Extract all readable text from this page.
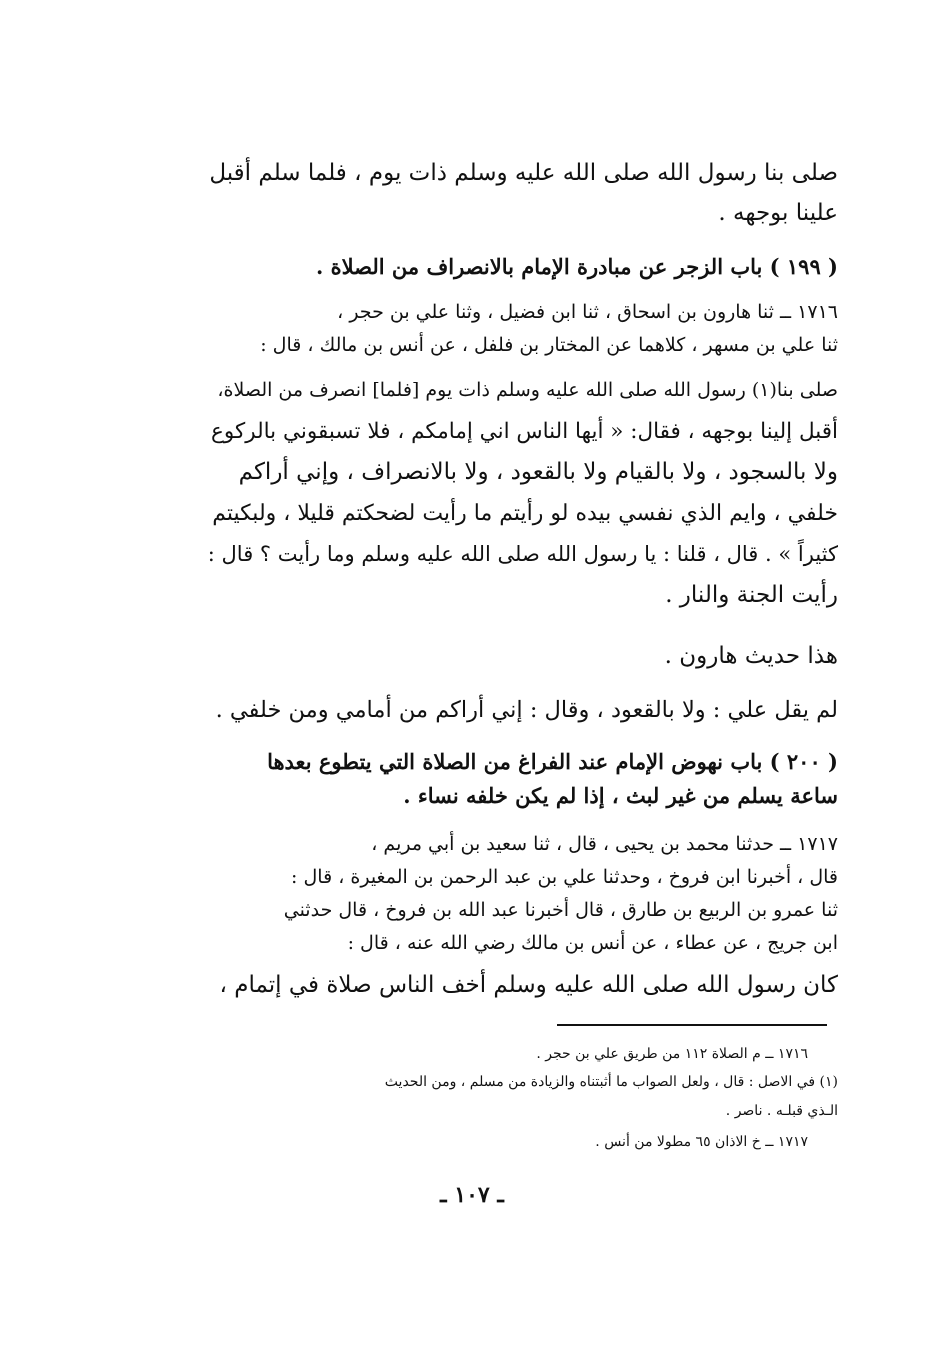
صلى بنا رسول الله صلى الله عليه وسلم ذات يوم ، فلما سلم أقبل
علينا بوجهه .
( ١٩٩ ) باب الزجر عن مبادرة الإمام بالانصراف من الصلاة .
١٧١٦ ــ ثنا هارون بن اسحاق ، ثنا ابن فضيل ، وثنا علي بن حجر ،
ثنا علي بن مسهر ، كلاهما عن المختار بن فلفل ، عن أنس بن مالك ، قال :
صلى بنا(١) رسول الله صلى الله عليه وسلم ذات يوم [فلما] انصرف من الصلاة،
أقبل إلينا بوجهه ، فقال: « أيها الناس اني إمامكم ، فلا تسبقوني بالركوع
ولا بالسجود ، ولا بالقيام ولا بالقعود ، ولا بالانصراف ، وإني أراكم
خلفي ، وايم الذي نفسي بيده لو رأيتم ما رأيت لضحكتم قليلا ، ولبكيتم
كثيراً » . قال ، قلنا : يا رسول الله صلى الله عليه وسلم وما رأيت ؟ قال :
رأيت الجنة والنار .
هذا حديث هارون .
لم يقل علي : ولا بالقعود ، وقال : إني أراكم من أمامي ومن خلفي .
( ٢٠٠ ) باب نهوض الإمام عند الفراغ من الصلاة التي يتطوع بعدها
ساعة يسلم من غير لبث ، إذا لم يكن خلفه نساء .
١٧١٧ ــ حدثنا محمد بن يحيى ، قال ، ثنا سعيد بن أبي مريم ،
قال ، أخبرنا ابن فروخ ، وحدثنا علي بن عبد الرحمن بن المغيرة ، قال :
ثنا عمرو بن الربيع بن طارق ، قال أخبرنا عبد الله بن فروخ ، قال حدثني
ابن جريج ، عن عطاء ، عن أنس بن مالك رضي الله عنه ، قال :
كان رسول الله صلى الله عليه وسلم أخف الناس صلاة في إتمام ،
١٧١٦ ــ م الصلاة ١١٢ من طريق علي بن حجر .
(١) في الاصل : قال ، ولعل الصواب ما أثبتناه والزيادة من مسلم ، ومن الحديث
الـذي قبلـه . ناصر .
١٧١٧ ــ خ الاذان ٦٥ مطولا من أنس .
ـ ١٠٧ ـ
